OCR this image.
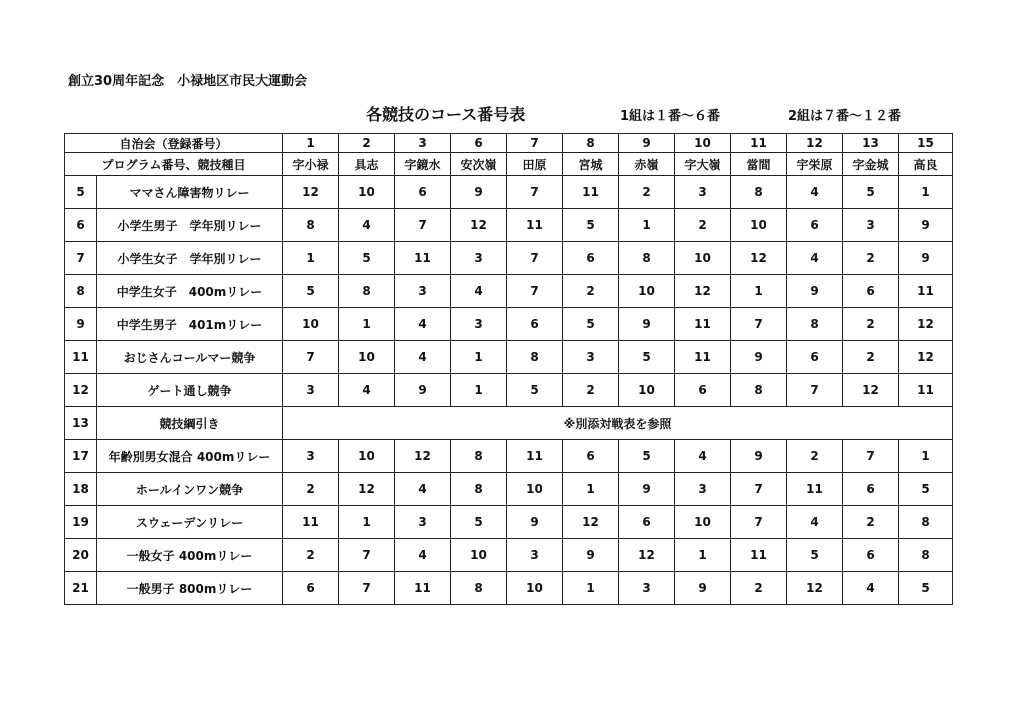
創立30周年記念　小禄地区市民大運動会
各競技のコース番号表	1組は１番～６番	2組は７番～１２番
自治会（登録番号）		1	2	3	6	7	8	9	10	11	12	13	15
プログラム番号、競技種目		字小禄	具志	字鏡水	安次嶺	田原	宮城	赤嶺	字大嶺	當間	宇栄原	字金城	高良
5	ママさん障害物リレー	12	10	6	9	7	11	2	3	8	4	5	1
6	小学生男子　学年別リレー	8	4	7	12	11	5	1	2	10	6	3	9
7	小学生女子　学年別リレー	1	5	11	3	7	6	8	10	12	4	2	9
8	中学生女子　400mリレー	5	8	3	4	7	2	10	12	1	9	6	11
9	中学生男子　401mリレー	10	1	4	3	6	5	9	11	7	8	2	12
11	おじさんコールマー競争	7	10	4	1	8	3	5	11	9	6	2	12
12	ゲート通し競争	3	4	9	1	5	2	10	6	8	7	12	11
13	競技綱引き	※別添対戦表を参照											
17	年齢別男女混合 400mリレー	3	10	12	8	11	6	5	4	9	2	7	1
18	ホールインワン競争	2	12	4	8	10	1	9	3	7	11	6	5
19	スウェーデンリレー	11	1	3	5	9	12	6	10	7	4	2	8
20	一般女子 400mリレー	2	7	4	10	3	9	12	1	11	5	6	8
21	一般男子 800mリレー	6	7	11	8	10	1	3	9	2	12	4	5
